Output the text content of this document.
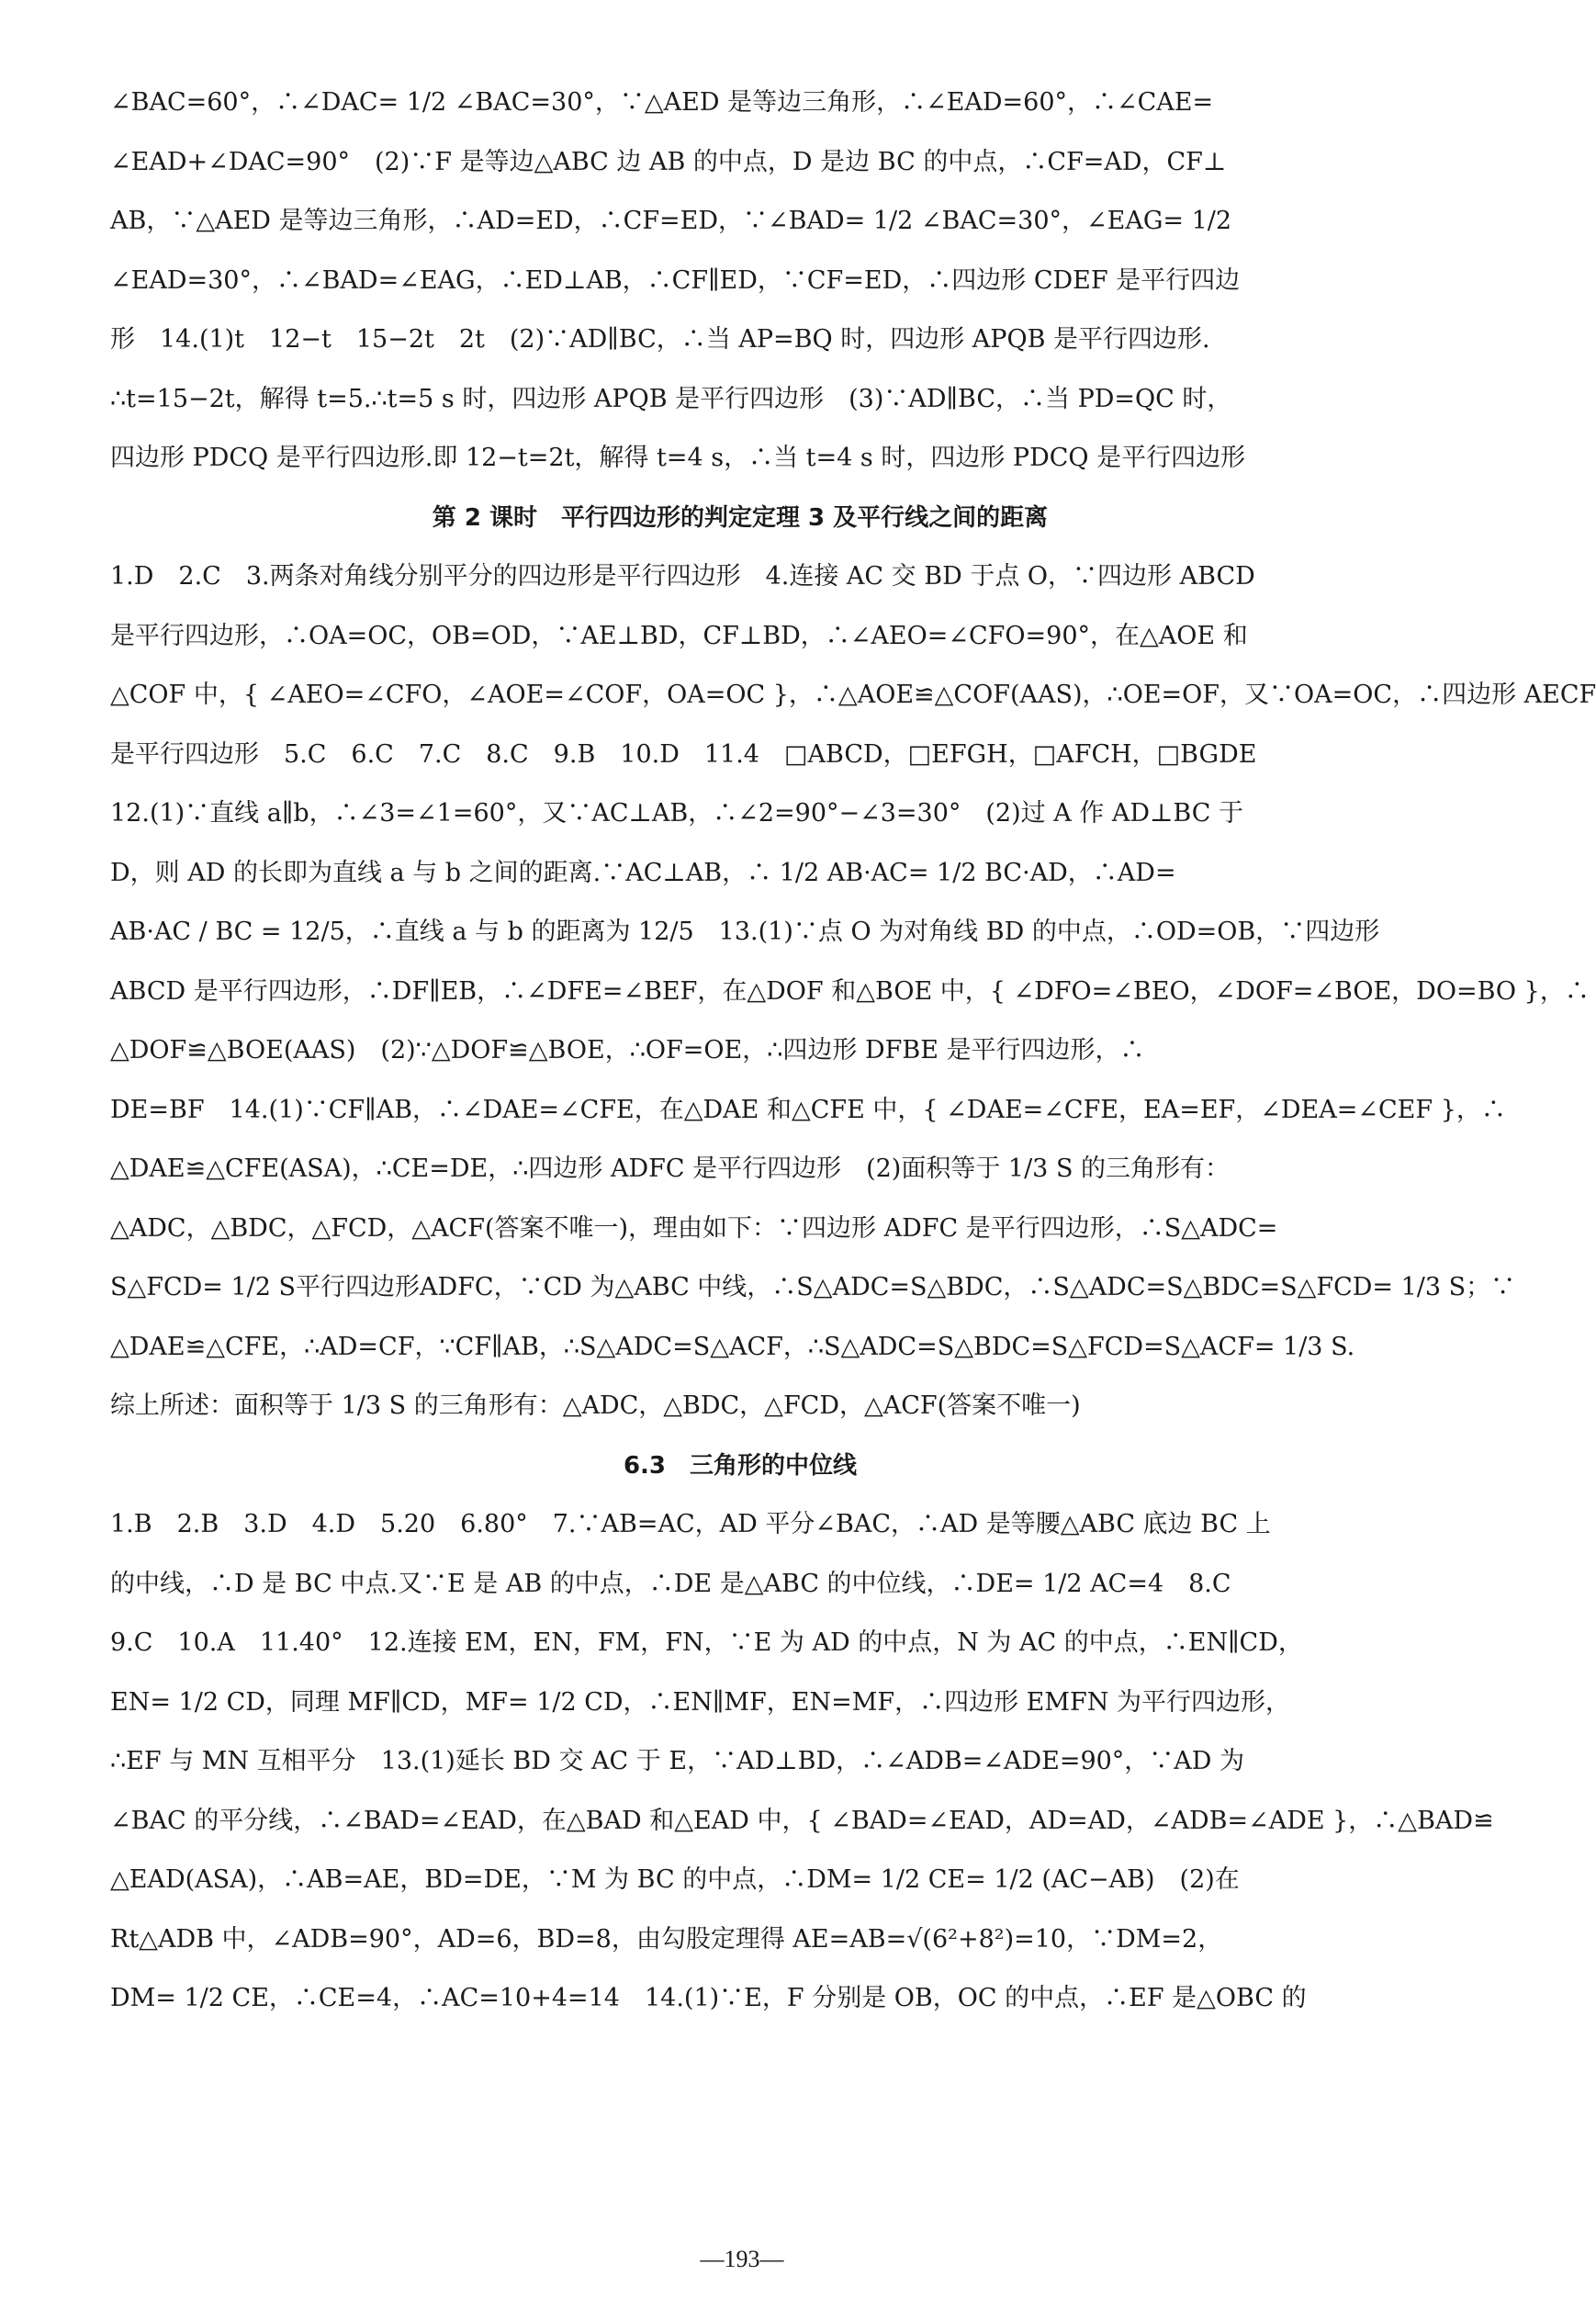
∠BAC=60°，∴∠DAC= 1/2 ∠BAC=30°，∵△AED 是等边三角形，∴∠EAD=60°，∴∠CAE=
∠EAD+∠DAC=90°　(2)∵F 是等边△ABC 边 AB 的中点，D 是边 BC 的中点，∴CF=AD，CF⊥
AB，∵△AED 是等边三角形，∴AD=ED，∴CF=ED，∵∠BAD= 1/2 ∠BAC=30°，∠EAG= 1/2
∠EAD=30°，∴∠BAD=∠EAG，∴ED⊥AB，∴CF∥ED，∵CF=ED，∴四边形 CDEF 是平行四边
形　14.(1)t　12−t　15−2t　2t　(2)∵AD∥BC，∴当 AP=BQ 时，四边形 APQB 是平行四边形.
∴t=15−2t，解得 t=5.∴t=5 s 时，四边形 APQB 是平行四边形　(3)∵AD∥BC，∴当 PD=QC 时，
四边形 PDCQ 是平行四边形.即 12−t=2t，解得 t=4 s，∴当 t=4 s 时，四边形 PDCQ 是平行四边形
第 2 课时　平行四边形的判定定理 3 及平行线之间的距离
1.D　2.C　3.两条对角线分别平分的四边形是平行四边形　4.连接 AC 交 BD 于点 O，∵四边形 ABCD
是平行四边形，∴OA=OC，OB=OD，∵AE⊥BD，CF⊥BD，∴∠AEO=∠CFO=90°，在△AOE 和
△COF 中，{ ∠AEO=∠CFO，∠AOE=∠COF，OA=OC }，∴△AOE≌△COF(AAS)，∴OE=OF，又∵OA=OC，∴四边形 AECF
是平行四边形　5.C　6.C　7.C　8.C　9.B　10.D　11.4　□ABCD，□EFGH，□AFCH，□BGDE
12.(1)∵直线 a∥b，∴∠3=∠1=60°，又∵AC⊥AB，∴∠2=90°−∠3=30°　(2)过 A 作 AD⊥BC 于
D，则 AD 的长即为直线 a 与 b 之间的距离.∵AC⊥AB，∴ 1/2 AB·AC= 1/2 BC·AD，∴AD=
AB·AC / BC = 12/5，∴直线 a 与 b 的距离为 12/5　13.(1)∵点 O 为对角线 BD 的中点，∴OD=OB，∵四边形
ABCD 是平行四边形，∴DF∥EB，∴∠DFE=∠BEF，在△DOF 和△BOE 中，{ ∠DFO=∠BEO，∠DOF=∠BOE，DO=BO }，∴
△DOF≌△BOE(AAS)　(2)∵△DOF≌△BOE，∴OF=OE，∴四边形 DFBE 是平行四边形，∴
DE=BF　14.(1)∵CF∥AB，∴∠DAE=∠CFE，在△DAE 和△CFE 中，{ ∠DAE=∠CFE，EA=EF，∠DEA=∠CEF }，∴
△DAE≌△CFE(ASA)，∴CE=DE，∴四边形 ADFC 是平行四边形　(2)面积等于 1/3 S 的三角形有：
△ADC，△BDC，△FCD，△ACF(答案不唯一)，理由如下：∵四边形 ADFC 是平行四边形，∴S△ADC=
S△FCD= 1/2 S平行四边形ADFC，∵CD 为△ABC 中线，∴S△ADC=S△BDC，∴S△ADC=S△BDC=S△FCD= 1/3 S；∵
△DAE≌△CFE，∴AD=CF，∵CF∥AB，∴S△ADC=S△ACF，∴S△ADC=S△BDC=S△FCD=S△ACF= 1/3 S.
综上所述：面积等于 1/3 S 的三角形有：△ADC，△BDC，△FCD，△ACF(答案不唯一)
6.3　三角形的中位线
1.B　2.B　3.D　4.D　5.20　6.80°　7.∵AB=AC，AD 平分∠BAC，∴AD 是等腰△ABC 底边 BC 上
的中线，∴D 是 BC 中点.又∵E 是 AB 的中点，∴DE 是△ABC 的中位线，∴DE= 1/2 AC=4　8.C
9.C　10.A　11.40°　12.连接 EM，EN，FM，FN，∵E 为 AD 的中点，N 为 AC 的中点，∴EN∥CD，
EN= 1/2 CD，同理 MF∥CD，MF= 1/2 CD，∴EN∥MF，EN=MF，∴四边形 EMFN 为平行四边形，
∴EF 与 MN 互相平分　13.(1)延长 BD 交 AC 于 E，∵AD⊥BD，∴∠ADB=∠ADE=90°，∵AD 为
∠BAC 的平分线，∴∠BAD=∠EAD，在△BAD 和△EAD 中，{ ∠BAD=∠EAD，AD=AD，∠ADB=∠ADE }，∴△BAD≌
△EAD(ASA)，∴AB=AE，BD=DE，∵M 为 BC 的中点，∴DM= 1/2 CE= 1/2 (AC−AB)　(2)在
Rt△ADB 中，∠ADB=90°，AD=6，BD=8，由勾股定理得 AE=AB=√(6²+8²)=10，∵DM=2，
DM= 1/2 CE，∴CE=4，∴AC=10+4=14　14.(1)∵E，F 分别是 OB，OC 的中点，∴EF 是△OBC 的
—193—
